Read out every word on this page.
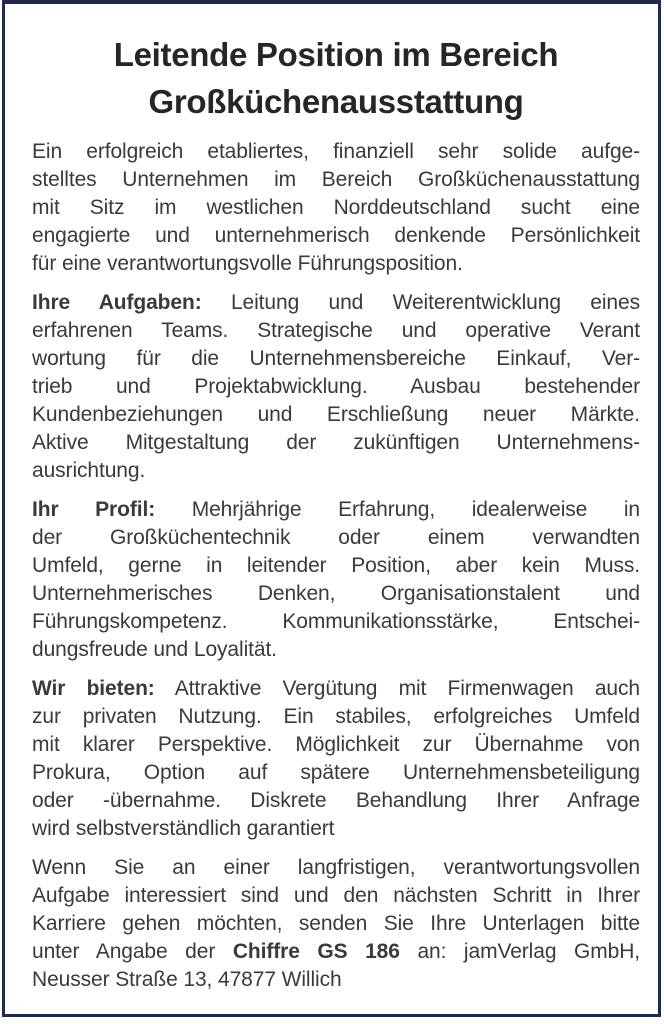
Leitende Position im Bereich
Großküchenausstattung
Ein erfolgreich etabliertes, finanziell sehr solide aufge-
stelltes Unternehmen im Bereich Großküchenausstattung
mit Sitz im westlichen Norddeutschland sucht eine
engagierte und unternehmerisch denkende Persönlichkeit
für eine verantwortungsvolle Führungsposition.
Ihre Aufgaben: Leitung und Weiterentwicklung eines
erfahrenen Teams. Strategische und operative Verant
wortung für die Unternehmensbereiche Einkauf, Ver-
trieb und Projektabwicklung. Ausbau bestehender
Kundenbeziehungen und Erschließung neuer Märkte.
Aktive Mitgestaltung der zukünftigen Unternehmens-
ausrichtung.
Ihr Profil: Mehrjährige Erfahrung, idealerweise in
der Großküchentechnik oder einem verwandten
Umfeld, gerne in leitender Position, aber kein Muss.
Unternehmerisches Denken, Organisationstalent und
Führungskompetenz. Kommunikationsstärke, Entschei-
dungsfreude und Loyalität.
Wir bieten: Attraktive Vergütung mit Firmenwagen auch
zur privaten Nutzung. Ein stabiles, erfolgreiches Umfeld
mit klarer Perspektive. Möglichkeit zur Übernahme von
Prokura, Option auf spätere Unternehmensbeteiligung
oder -übernahme. Diskrete Behandlung Ihrer Anfrage
wird selbstverständlich garantiert
Wenn Sie an einer langfristigen, verantwortungsvollen
Aufgabe interessiert sind und den nächsten Schritt in Ihrer
Karriere gehen möchten, senden Sie Ihre Unterlagen bitte
unter Angabe der Chiffre GS 186 an: jamVerlag GmbH,
Neusser Straße 13, 47877 Willich
